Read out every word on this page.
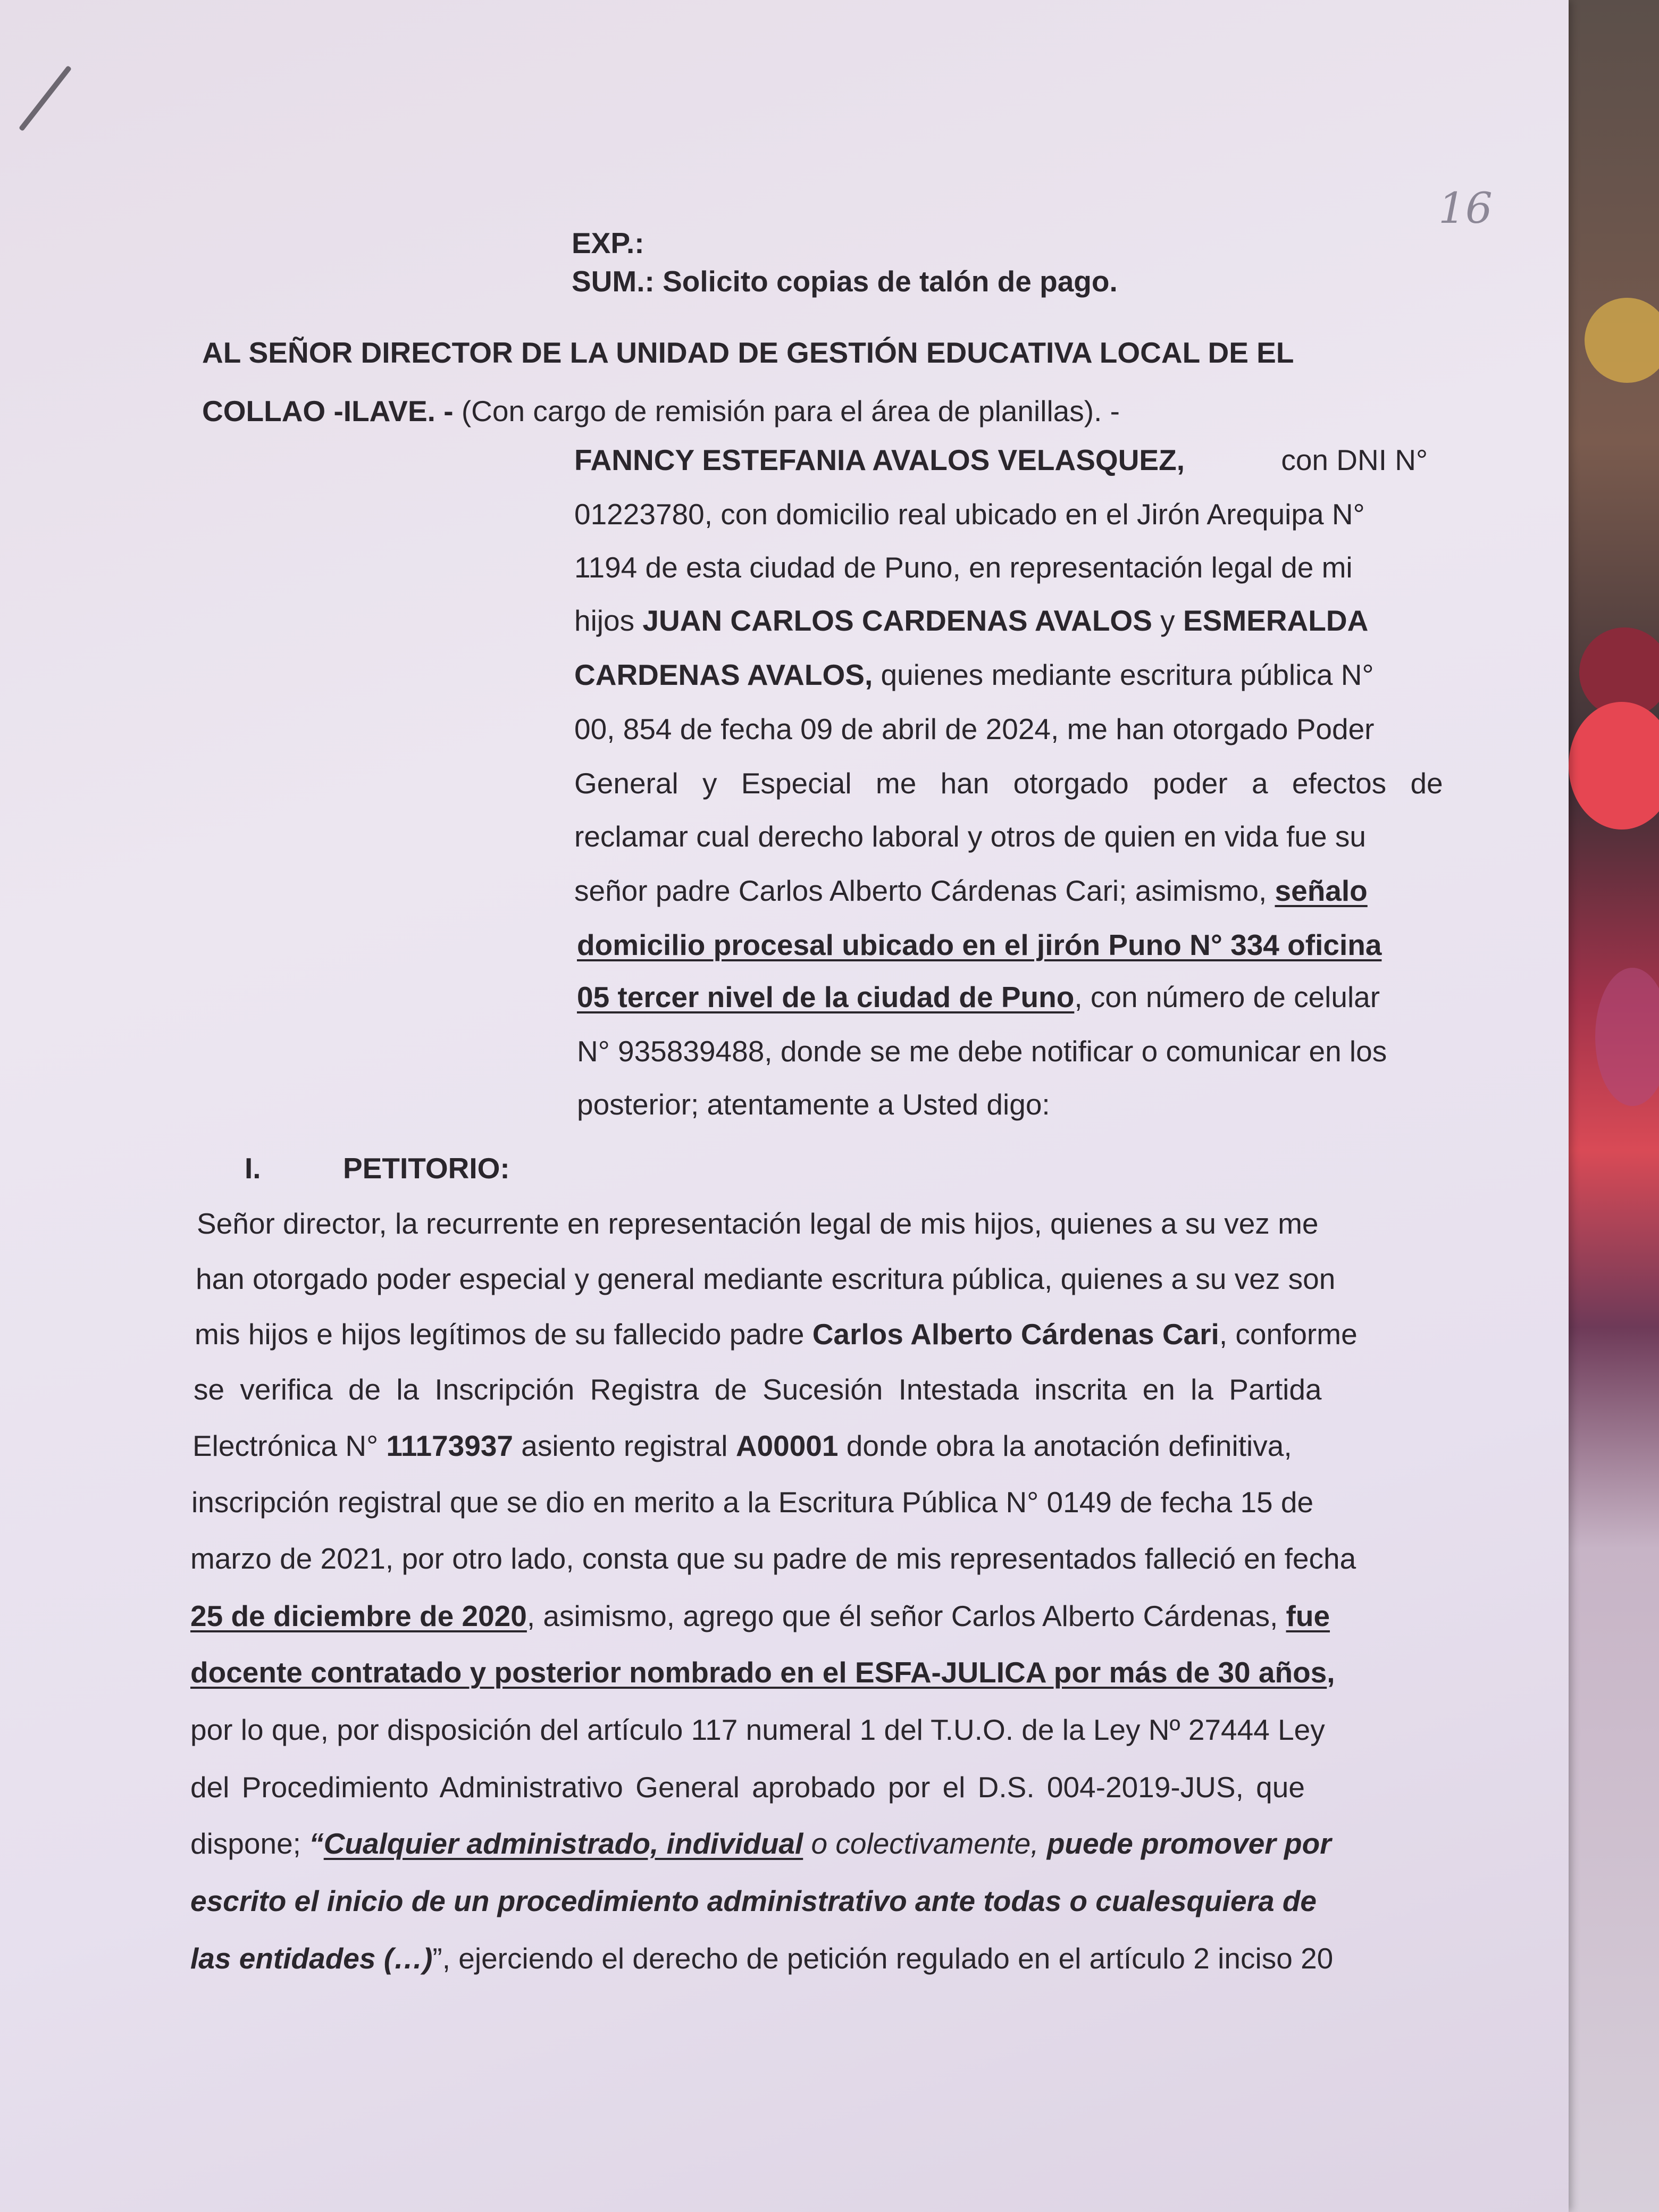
16
EXP.:
SUM.: Solicito copias de talón de pago.
AL SEÑOR DIRECTOR DE LA UNIDAD DE GESTIÓN EDUCATIVA LOCAL DE EL
COLLAO -ILAVE. - (Con cargo de remisión para el área de planillas). -
FANNCY ESTEFANIA AVALOS VELASQUEZ,	con DNI N°
01223780, con domicilio real ubicado en el Jirón Arequipa N°
1194 de esta ciudad de Puno, en representación legal de mi
hijos JUAN CARLOS CARDENAS AVALOS y ESMERALDA
CARDENAS AVALOS, quienes mediante escritura pública N°
00, 854 de fecha 09 de abril de 2024, me han otorgado Poder
General y Especial me han otorgado poder a efectos de
reclamar cual derecho laboral y otros de quien en vida fue su
señor padre Carlos Alberto Cárdenas Cari; asimismo, señalo
domicilio procesal ubicado en el jirón Puno N° 334 oficina
05 tercer nivel de la ciudad de Puno, con número de celular
N° 935839488, donde se me debe notificar o comunicar en los
posterior; atentamente a Usted digo:
I.	PETITORIO:
Señor director, la recurrente en representación legal de mis hijos, quienes a su vez me
han otorgado poder especial y general mediante escritura pública, quienes a su vez son
mis hijos e hijos legítimos de su fallecido padre Carlos Alberto Cárdenas Cari, conforme
se verifica de la Inscripción Registra de Sucesión Intestada inscrita en la Partida
Electrónica N° 11173937 asiento registral A00001 donde obra la anotación definitiva,
inscripción registral que se dio en merito a la Escritura Pública N° 0149 de fecha 15 de
marzo de 2021, por otro lado, consta que su padre de mis representados falleció en fecha
25 de diciembre de 2020, asimismo, agrego que él señor Carlos Alberto Cárdenas, fue
docente contratado y posterior nombrado en el ESFA-JULICA por más de 30 años,
por lo que, por disposición del artículo 117 numeral 1 del T.U.O. de la Ley Nº 27444 Ley
del Procedimiento Administrativo General aprobado por el D.S. 004-2019-JUS, que
dispone; “Cualquier administrado, individual o colectivamente, puede promover por
escrito el inicio de un procedimiento administrativo ante todas o cualesquiera de
las entidades (…)”, ejerciendo el derecho de petición regulado en el artículo 2 inciso 20
